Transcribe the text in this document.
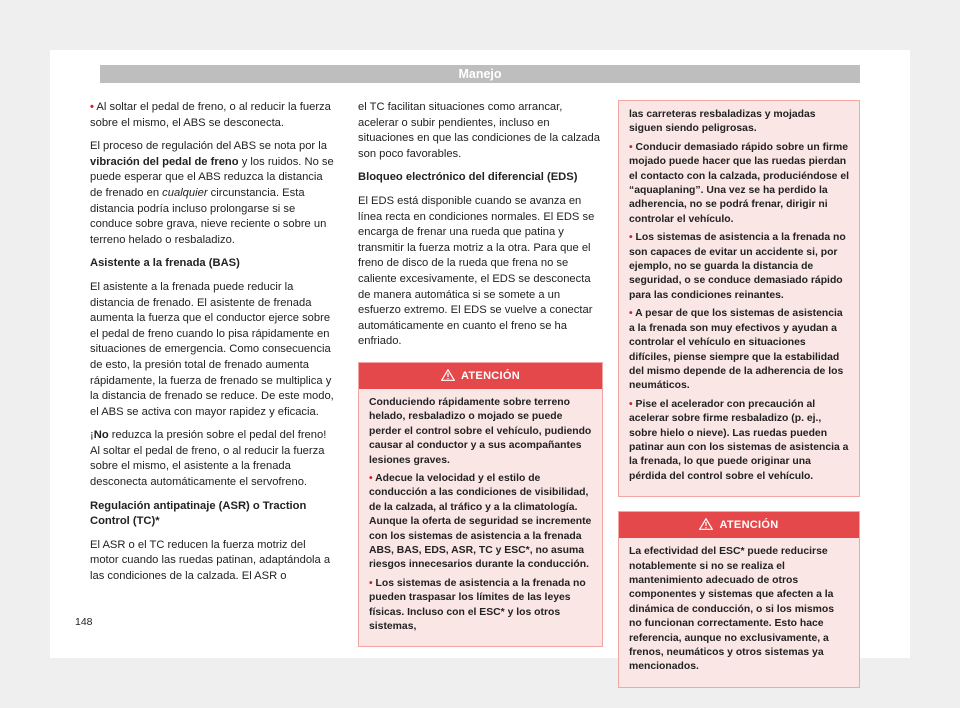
Manejo

• Al soltar el pedal de freno, o al reducir la fuerza sobre el mismo, el ABS se desconecta.

El proceso de regulación del ABS se nota por la vibración del pedal de freno y los ruidos. No se puede esperar que el ABS reduzca la distancia de frenado en cualquier circunstancia. Esta distancia podría incluso prolongarse si se conduce sobre grava, nieve reciente o sobre un terreno helado o resbaladizo.

Asistente a la frenada (BAS)

El asistente a la frenada puede reducir la distancia de frenado. El asistente de frenada aumenta la fuerza que el conductor ejerce sobre el pedal de freno cuando lo pisa rápidamente en situaciones de emergencia. Como consecuencia de esto, la presión total de frenado aumenta rápidamente, la fuerza de frenado se multiplica y la distancia de frenado se reduce. De este modo, el ABS se activa con mayor rapidez y eficacia.

¡No reduzca la presión sobre el pedal del freno! Al soltar el pedal de freno, o al reducir la fuerza sobre el mismo, el asistente a la frenada desconecta automáticamente el servofreno.

Regulación antipatinaje (ASR) o Traction Control (TC)*

El ASR o el TC reducen la fuerza motriz del motor cuando las ruedas patinan, adaptándola a las condiciones de la calzada. El ASR o

el TC facilitan situaciones como arrancar, acelerar o subir pendientes, incluso en situaciones en que las condiciones de la calzada son poco favorables.

Bloqueo electrónico del diferencial (EDS)

El EDS está disponible cuando se avanza en línea recta en condiciones normales. El EDS se encarga de frenar una rueda que patina y transmitir la fuerza motriz a la otra. Para que el freno de disco de la rueda que frena no se caliente excesivamente, el EDS se desconecta de manera automática si se somete a un esfuerzo extremo. El EDS se vuelve a conectar automáticamente en cuanto el freno se ha enfriado.

ATENCIÓN

Conduciendo rápidamente sobre terreno helado, resbaladizo o mojado se puede perder el control sobre el vehículo, pudiendo causar al conductor y a sus acompañantes lesiones graves.

• Adecue la velocidad y el estilo de conducción a las condiciones de visibilidad, de la calzada, al tráfico y a la climatología. Aunque la oferta de seguridad se incremente con los sistemas de asistencia a la frenada ABS, BAS, EDS, ASR, TC y ESC*, no asuma riesgos innecesarios durante la conducción.

• Los sistemas de asistencia a la frenada no pueden traspasar los límites de las leyes físicas. Incluso con el ESC* y los otros sistemas,

las carreteras resbaladizas y mojadas siguen siendo peligrosas.

• Conducir demasiado rápido sobre un firme mojado puede hacer que las ruedas pierdan el contacto con la calzada, produciéndose el “aquaplaning”. Una vez se ha perdido la adherencia, no se podrá frenar, dirigir ni controlar el vehículo.

• Los sistemas de asistencia a la frenada no son capaces de evitar un accidente si, por ejemplo, no se guarda la distancia de seguridad, o se conduce demasiado rápido para las condiciones reinantes.

• A pesar de que los sistemas de asistencia a la frenada son muy efectivos y ayudan a controlar el vehículo en situaciones difíciles, piense siempre que la estabilidad del mismo depende de la adherencia de los neumáticos.

• Pise el acelerador con precaución al acelerar sobre firme resbaladizo (p. ej., sobre hielo o nieve). Las ruedas pueden patinar aun con los sistemas de asistencia a la frenada, lo que puede originar una pérdida del control sobre el vehículo.

ATENCIÓN

La efectividad del ESC* puede reducirse notablemente si no se realiza el mantenimiento adecuado de otros componentes y sistemas que afecten a la dinámica de conducción, o si los mismos no funcionan correctamente. Esto hace referencia, aunque no exclusivamente, a frenos, neumáticos y otros sistemas ya mencionados.

148
